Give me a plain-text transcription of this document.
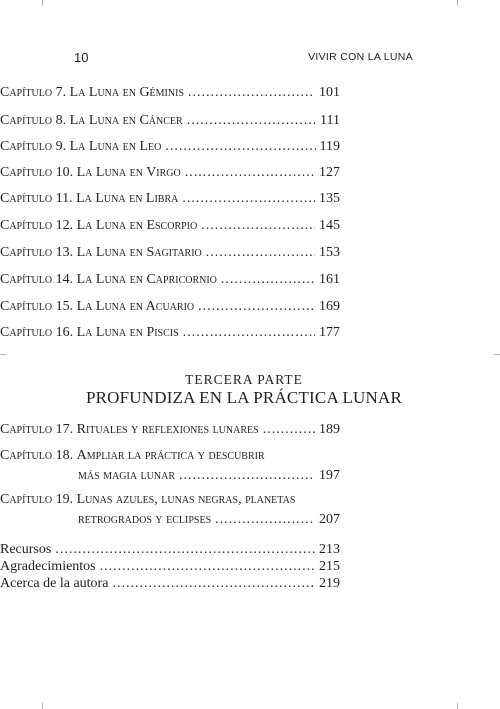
10	VIVIR CON LA LUNA
Capítulo 7. La Luna en Géminis .....	101
Capítulo 8. La Luna en Cáncer .....	111
Capítulo 9. La Luna en Leo .....	119
Capítulo 10. La Luna en Virgo .....	127
Capítulo 11. La Luna en Libra .....	135
Capítulo 12. La Luna en Escorpio .....	145
Capítulo 13. La Luna en Sagitario .....	153
Capítulo 14. La Luna en Capricornio .....	161
Capítulo 15. La Luna en Acuario .....	169
Capítulo 16. La Luna en Piscis .....	177
TERCERA PARTE
PROFUNDIZA EN LA PRÁCTICA LUNAR
Capítulo 17. Rituales y reflexiones lunares .....	189
Capítulo 18. Ampliar la práctica y descubrir
más magia lunar .....	197
Capítulo 19. Lunas azules, lunas negras, planetas
retrogrados y eclipses .....	207
Recursos .....	213
Agradecimientos .....	215
Acerca de la autora .....	219
